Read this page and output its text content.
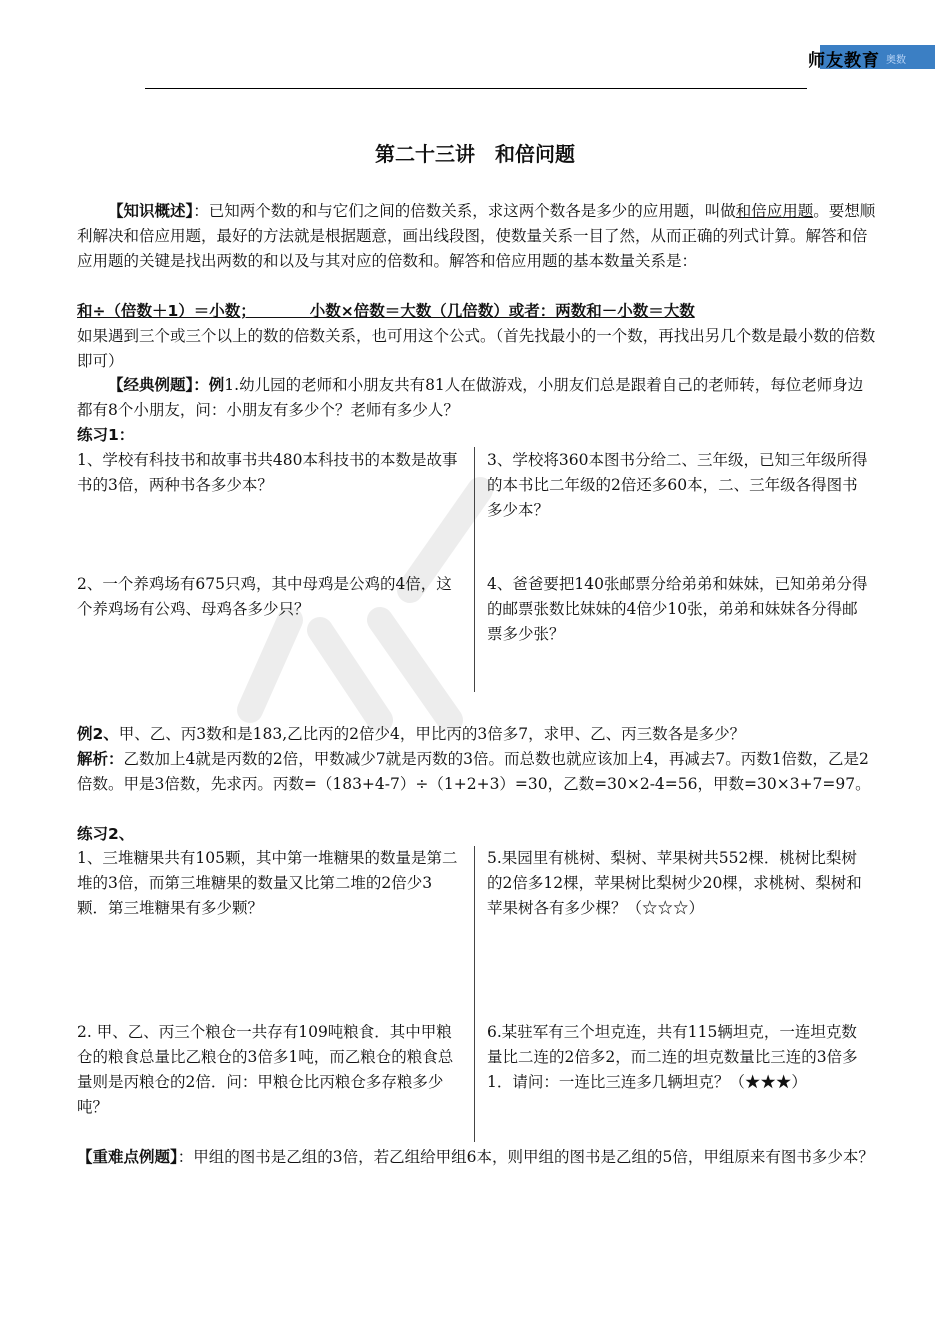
师友教育 奥数
第二十三讲　和倍问题
【知识概述】：已知两个数的和与它们之间的倍数关系，求这两个数各是多少的应用题，叫做和倍应用题。要想顺利解决和倍应用题，最好的方法就是根据题意，画出线段图，使数量关系一目了然，从而正确的列式计算。解答和倍应用题的关键是找出两数的和以及与其对应的倍数和。解答和倍应用题的基本数量关系是：
和÷（倍数＋1）＝小数；          小数×倍数＝大数（几倍数）或者：两数和－小数＝大数
如果遇到三个或三个以上的数的倍数关系，也可用这个公式。（首先找最小的一个数，再找出另几个数是最小数的倍数即可）
【经典例题】：例1.幼儿园的老师和小朋友共有81人在做游戏，小朋友们总是跟着自己的老师转，每位老师身边都有8个小朋友，问：小朋友有多少个？老师有多少人？
练习1：
1、学校有科技书和故事书共480本科技书的本数是故事书的3倍，两种书各多少本？
3、学校将360本图书分给二、三年级，已知三年级所得的本书比二年级的2倍还多60本，二、三年级各得图书多少本？
2、一个养鸡场有675只鸡，其中母鸡是公鸡的4倍，这个养鸡场有公鸡、母鸡各多少只？
4、爸爸要把140张邮票分给弟弟和妹妹，已知弟弟分得的邮票张数比妹妹的4倍少10张，弟弟和妹妹各分得邮票多少张？
例2、甲、乙、丙3数和是183,乙比丙的2倍少4，甲比丙的3倍多7，求甲、乙、丙三数各是多少？
解析：乙数加上4就是丙数的2倍，甲数减少7就是丙数的3倍。而总数也就应该加上4，再减去7。丙数1倍数，乙是2倍数。甲是3倍数，先求丙。丙数=（183+4-7）÷（1+2+3）=30，乙数=30×2-4=56，甲数=30×3+7=97。
练习2、
1、三堆糖果共有105颗，其中第一堆糖果的数量是第二堆的3倍，而第三堆糖果的数量又比第二堆的2倍少3颗．第三堆糖果有多少颗？
5.果园里有桃树、梨树、苹果树共552棵．桃树比梨树的2倍多12棵，苹果树比梨树少20棵，求桃树、梨树和苹果树各有多少棵？（☆☆☆）
2. 甲、乙、丙三个粮仓一共存有109吨粮食．其中甲粮仓的粮食总量比乙粮仓的3倍多1吨，而乙粮仓的粮食总量则是丙粮仓的2倍．问：甲粮仓比丙粮仓多存粮多少吨？
6.某驻军有三个坦克连，共有115辆坦克，一连坦克数量比二连的2倍多2，而二连的坦克数量比三连的3倍多1．请问：一连比三连多几辆坦克？（★★★）
【重难点例题】：甲组的图书是乙组的3倍，若乙组给甲组6本，则甲组的图书是乙组的5倍，甲组原来有图书多少本？
